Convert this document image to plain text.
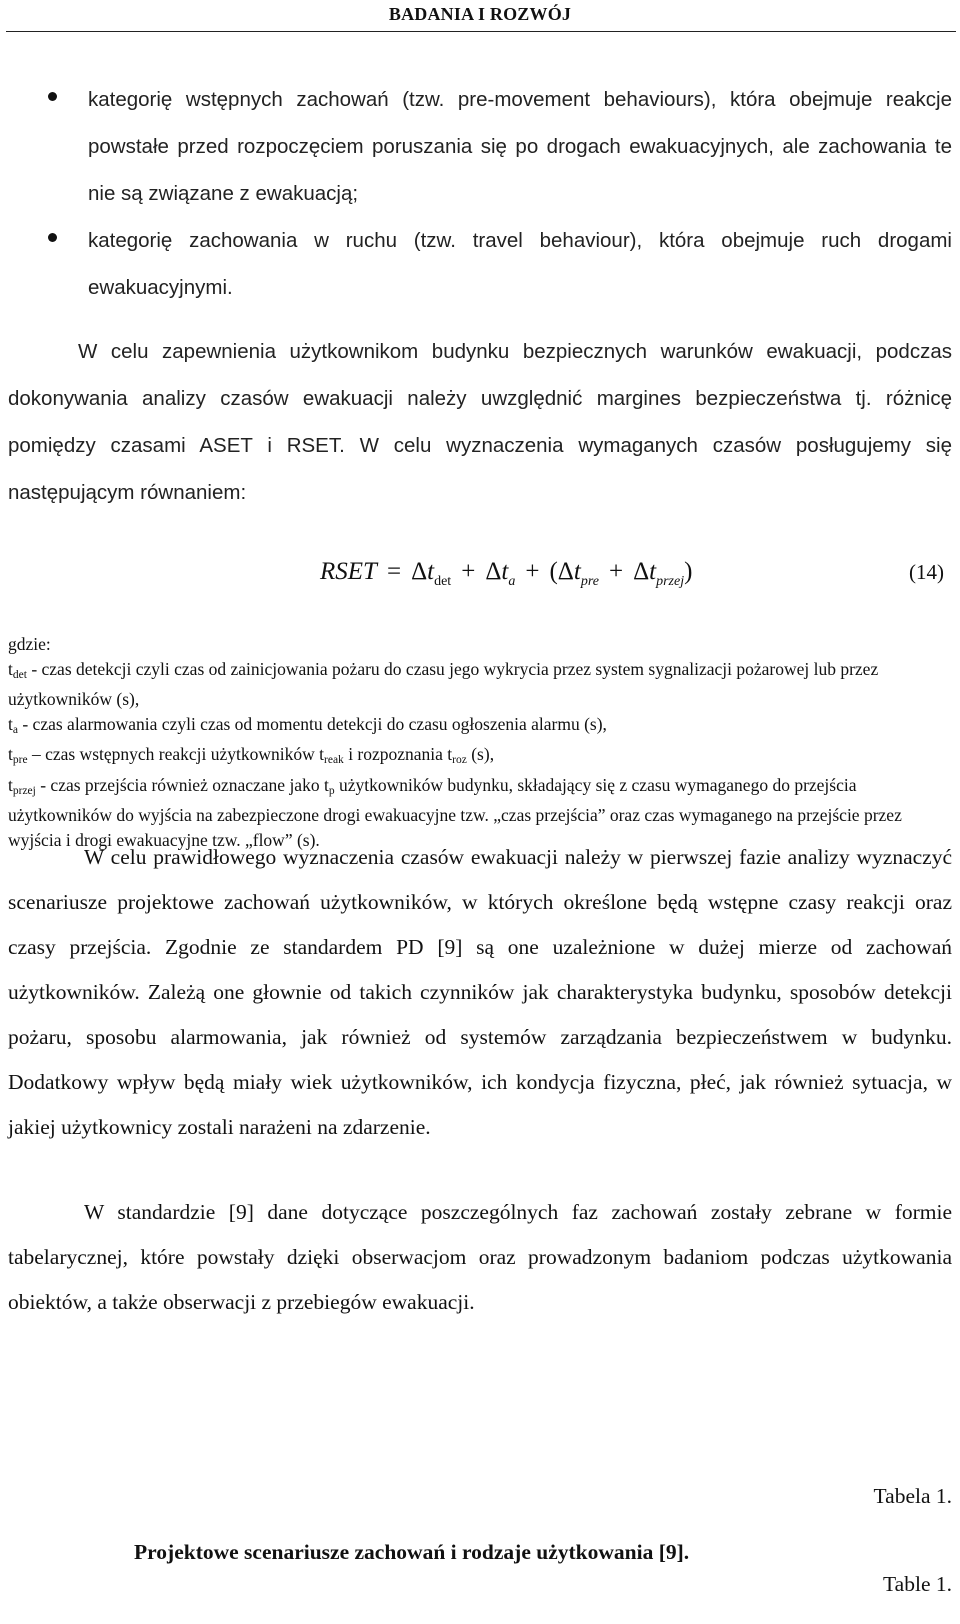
BADANIA I ROZWÓJ
kategorię wstępnych zachowań (tzw. pre-movement behaviours), która obejmuje reakcje powstałe przed rozpoczęciem poruszania się po drogach ewakuacyjnych, ale zachowania te nie są związane z ewakuacją;
kategorię zachowania w ruchu (tzw. travel behaviour), która obejmuje ruch drogami ewakuacyjnymi.

W celu zapewnienia użytkownikom budynku bezpiecznych warunków ewakuacji, podczas dokonywania analizy czasów ewakuacji należy uwzględnić margines bezpieczeństwa tj. różnicę pomiędzy czasami ASET i RSET. W celu wyznaczenia wymaganych czasów posługujemy się następującym równaniem:

RSET = $\Delta t_{det} + \Delta t_a + (\Delta t_{pre} + \Delta t_{przej})$	(14)

gdzie:

$t_{det}$ - czas detekcji czyli czas od zainicjowania pożaru do czasu jego wykrycia przez system sygnalizacji pożarowej lub przez użytkowników (s),

$t_a$ - czas alarmowania czyli czas od momentu detekcji do czasu ogłoszenia alarmu (s),

$t_{pre}$ – czas wstępnych reakcji użytkowników $t_{reak}$ i rozpoznania $t_{roz}$ (s),

$t_{przej}$ - czas przejścia również oznaczane jako $t_p$ użytkowników budynku, składający się z czasu wymaganego do przejścia użytkowników do wyjścia na zabezpieczone drogi ewakuacyjne tzw. „czas przejścia” oraz czas wymaganego na przejście przez wyjścia i drogi ewakuacyjne tzw. „flow” (s).

W celu prawidłowego wyznaczenia czasów ewakuacji należy w pierwszej fazie analizy wyznaczyć scenariusze projektowe zachowań użytkowników, w których określone będą wstępne czasy reakcji oraz czasy przejścia. Zgodnie ze standardem PD [9] są one uzależnione w dużej mierze od zachowań użytkowników. Zależą one głownie od takich czynników jak charakterystyka budynku, sposobów detekcji pożaru, sposobu alarmowania, jak również od systemów zarządzania bezpieczeństwem w budynku. Dodatkowy wpływ będą miały wiek użytkowników, ich kondycja fizyczna, płeć, jak również sytuacja, w jakiej użytkownicy zostali narażeni na zdarzenie.

W standardzie [9] dane dotyczące poszczególnych faz zachowań zostały zebrane w formie tabelarycznej, które powstały dzięki obserwacjom oraz prowadzonym badaniom podczas użytkowania obiektów, a także obserwacji z przebiegów ewakuacji.

Tabela 1.
Projektowe scenariusze zachowań i rodzaje użytkowania [9].
Table 1.
